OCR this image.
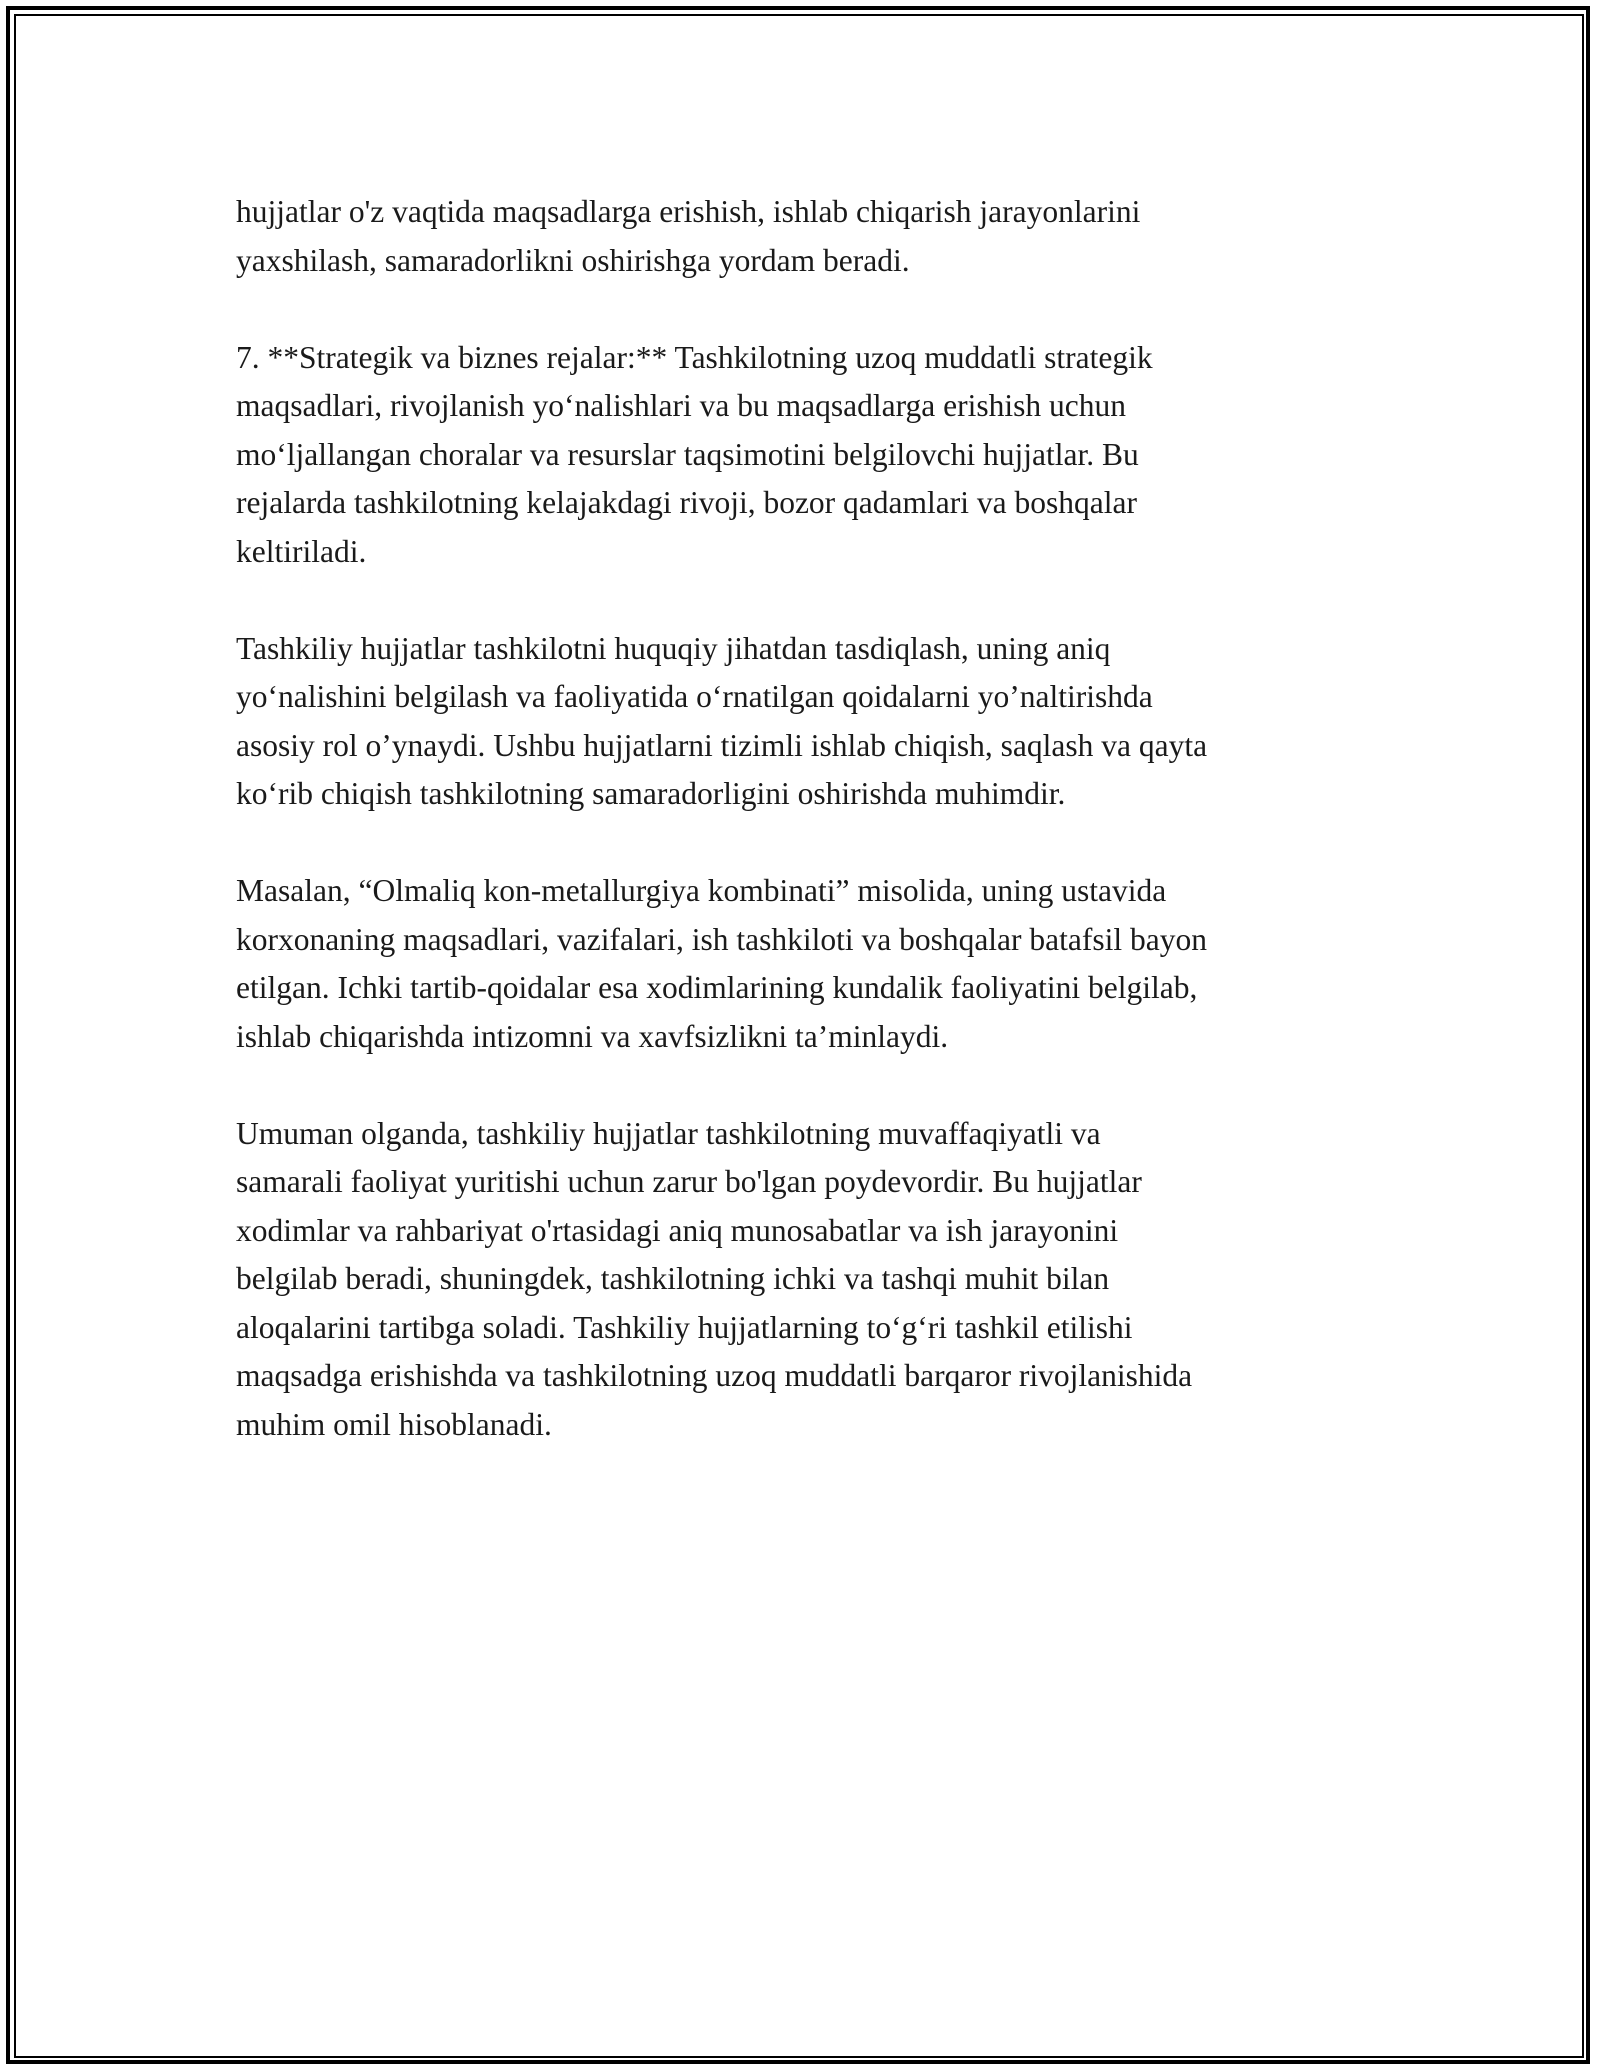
hujjatlar o'z vaqtida maqsadlarga erishish, ishlab chiqarish jarayonlarini
yaxshilash, samaradorlikni oshirishga yordam beradi.

7. **Strategik va biznes rejalar:** Tashkilotning uzoq muddatli strategik
maqsadlari, rivojlanish yo‘nalishlari va bu maqsadlarga erishish uchun
mo‘ljallangan choralar va resurslar taqsimotini belgilovchi hujjatlar. Bu
rejalarda tashkilotning kelajakdagi rivoji, bozor qadamlari va boshqalar
keltiriladi.

Tashkiliy hujjatlar tashkilotni huquqiy jihatdan tasdiqlash, uning aniq
yo‘nalishini belgilash va faoliyatida o‘rnatilgan qoidalarni yo’naltirishda
asosiy rol o’ynaydi. Ushbu hujjatlarni tizimli ishlab chiqish, saqlash va qayta
ko‘rib chiqish tashkilotning samaradorligini oshirishda muhimdir.

Masalan, “Olmaliq kon-metallurgiya kombinati” misolida, uning ustavida
korxonaning maqsadlari, vazifalari, ish tashkiloti va boshqalar batafsil bayon
etilgan. Ichki tartib-qoidalar esa xodimlarining kundalik faoliyatini belgilab,
ishlab chiqarishda intizomni va xavfsizlikni ta’minlaydi.

Umuman olganda, tashkiliy hujjatlar tashkilotning muvaffaqiyatli va
samarali faoliyat yuritishi uchun zarur bo'lgan poydevordir. Bu hujjatlar
xodimlar va rahbariyat o'rtasidagi aniq munosabatlar va ish jarayonini
belgilab beradi, shuningdek, tashkilotning ichki va tashqi muhit bilan
aloqalarini tartibga soladi. Tashkiliy hujjatlarning to‘g‘ri tashkil etilishi
maqsadga erishishda va tashkilotning uzoq muddatli barqaror rivojlanishida
muhim omil hisoblanadi.
